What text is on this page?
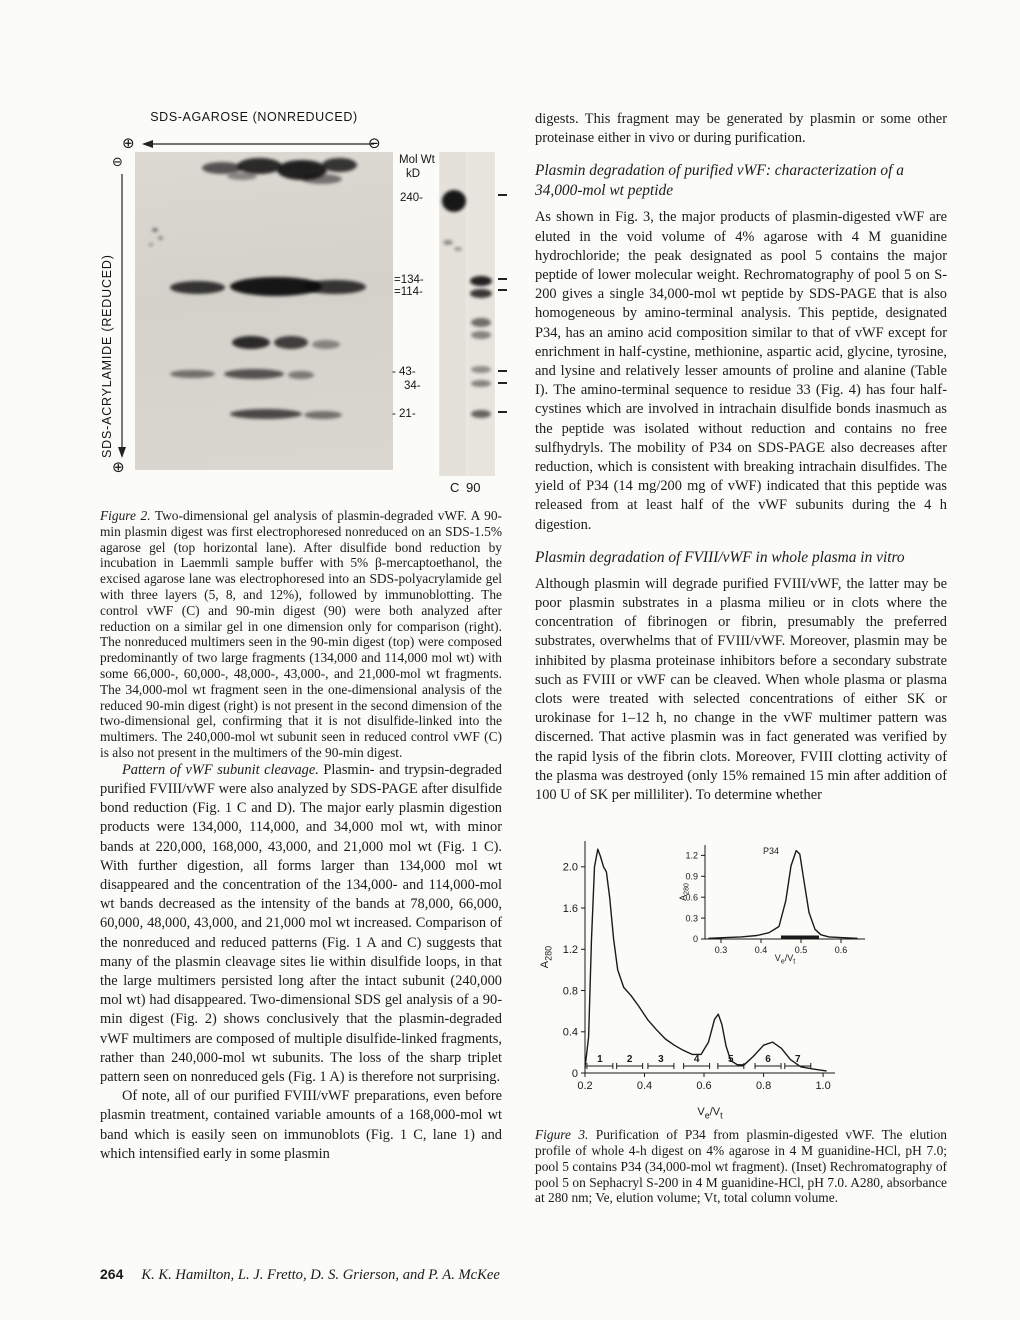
SDS-AGAROSE (NONREDUCED)
⊕	⊖
SDS-ACRYLAMIDE (REDUCED)
⊖
⊕
Mol Wt
kD
240-
=134-
=114-
- 43-
34-
- 21-
C 90

Figure 2. Two-dimensional gel analysis of plasmin-degraded vWF. A 90-min plasmin digest was first electrophoresed nonreduced on an SDS-1.5% agarose gel (top horizontal lane). After disulfide bond reduction by incubation in Laemmli sample buffer with 5% β-mercaptoethanol, the excised agarose lane was electrophoresed into an SDS-polyacrylamide gel with three layers (5, 8, and 12%), followed by immunoblotting. The control vWF (C) and 90-min digest (90) were both analyzed after reduction on a similar gel in one dimension only for comparison (right). The nonreduced multimers seen in the 90-min digest (top) were composed predominantly of two large fragments (134,000 and 114,000 mol wt) with some 66,000-, 60,000-, 48,000-, 43,000-, and 21,000-mol wt fragments. The 34,000-mol wt fragment seen in the one-dimensional analysis of the reduced 90-min digest (right) is not present in the second dimension of the two-dimensional gel, confirming that it is not disulfide-linked into the multimers. The 240,000-mol wt subunit seen in reduced control vWF (C) is also not present in the multimers of the 90-min digest.

Pattern of vWF subunit cleavage. Plasmin- and trypsin-degraded purified FVIII/vWF were also analyzed by SDS-PAGE after disulfide bond reduction (Fig. 1 C and D). The major early plasmin digestion products were 134,000, 114,000, and 34,000 mol wt, with minor bands at 220,000, 168,000, 43,000, and 21,000 mol wt (Fig. 1 C). With further digestion, all forms larger than 134,000 mol wt disappeared and the concentration of the 134,000- and 114,000-mol wt bands decreased as the intensity of the bands at 78,000, 66,000, 60,000, 48,000, 43,000, and 21,000 mol wt increased. Comparison of the nonreduced and reduced patterns (Fig. 1 A and C) suggests that many of the plasmin cleavage sites lie within disulfide loops, in that the large multimers persisted long after the intact subunit (240,000 mol wt) had disappeared. Two-dimensional SDS gel analysis of a 90-min digest (Fig. 2) shows conclusively that the plasmin-degraded vWF multimers are composed of multiple disulfide-linked fragments, rather than 240,000-mol wt subunits. The loss of the sharp triplet pattern seen on nonreduced gels (Fig. 1 A) is therefore not surprising.

Of note, all of our purified FVIII/vWF preparations, even before plasmin treatment, contained variable amounts of a 168,000-mol wt band which is easily seen on immunoblots (Fig. 1 C, lane 1) and which intensified early in some plasmin

digests. This fragment may be generated by plasmin or some other proteinase either in vivo or during purification.

Plasmin degradation of purified vWF: characterization of a 34,000-mol wt peptide

As shown in Fig. 3, the major products of plasmin-digested vWF are eluted in the void volume of 4% agarose with 4 M guanidine hydrochloride; the peak designated as pool 5 contains the major peptide of lower molecular weight. Rechromatography of pool 5 on S-200 gives a single 34,000-mol wt peptide by SDS-PAGE that is also homogeneous by amino-terminal analysis. This peptide, designated P34, has an amino acid composition similar to that of vWF except for enrichment in half-cystine, methionine, aspartic acid, glycine, tyrosine, and lysine and relatively lesser amounts of proline and alanine (Table I). The amino-terminal sequence to residue 33 (Fig. 4) has four half-cystines which are involved in intrachain disulfide bonds inasmuch as the peptide was isolated without reduction and contains no free sulfhydryls. The mobility of P34 on SDS-PAGE also decreases after reduction, which is consistent with breaking intrachain disulfides. The yield of P34 (14 mg/200 mg of vWF) indicated that this peptide was released from at least half of the vWF subunits during the 4 h digestion.

Plasmin degradation of FVIII/vWF in whole plasma in vitro

Although plasmin will degrade purified FVIII/vWF, the latter may be poor plasmin substrates in a plasma milieu or in clots where the concentration of fibrinogen or fibrin, presumably the preferred substrates, overwhelms that of FVIII/vWF. Moreover, plasmin may be inhibited by plasma proteinase inhibitors before a secondary substrate such as FVIII or vWF can be cleaved. When whole plasma or plasma clots were treated with selected concentrations of either SK or urokinase for 1–12 h, no change in the vWF multimer pattern was discerned. That active plasmin was in fact generated was verified by the rapid lysis of the fibrin clots. Moreover, FVIII clotting activity of the plasma was destroyed (only 15% remained 15 min after addition of 100 U of SK per milliliter). To determine whether

0
0.4
0.8
1.2
1.6
2.0
0.2	0.4	0.6	0.8	1.0
1 2	3	4	5	6 7
$V_e/V_t$
$A_{280}$
0
0.3
0.6
0.9
1.2
0.3	0.4	0.5	0.6
P34
$V_e/V_t$
$A_{280}$

Figure 3. Purification of P34 from plasmin-digested vWF. The elution profile of whole 4-h digest on 4% agarose in 4 M guanidine-HCl, pH 7.0; pool 5 contains P34 (34,000-mol wt fragment). (Inset) Rechromatography of pool 5 on Sephacryl S-200 in 4 M guanidine-HCl, pH 7.0. A280, absorbance at 280 nm; Ve, elution volume; Vt, total column volume.

264 K. K. Hamilton, L. J. Fretto, D. S. Grierson, and P. A. McKee
